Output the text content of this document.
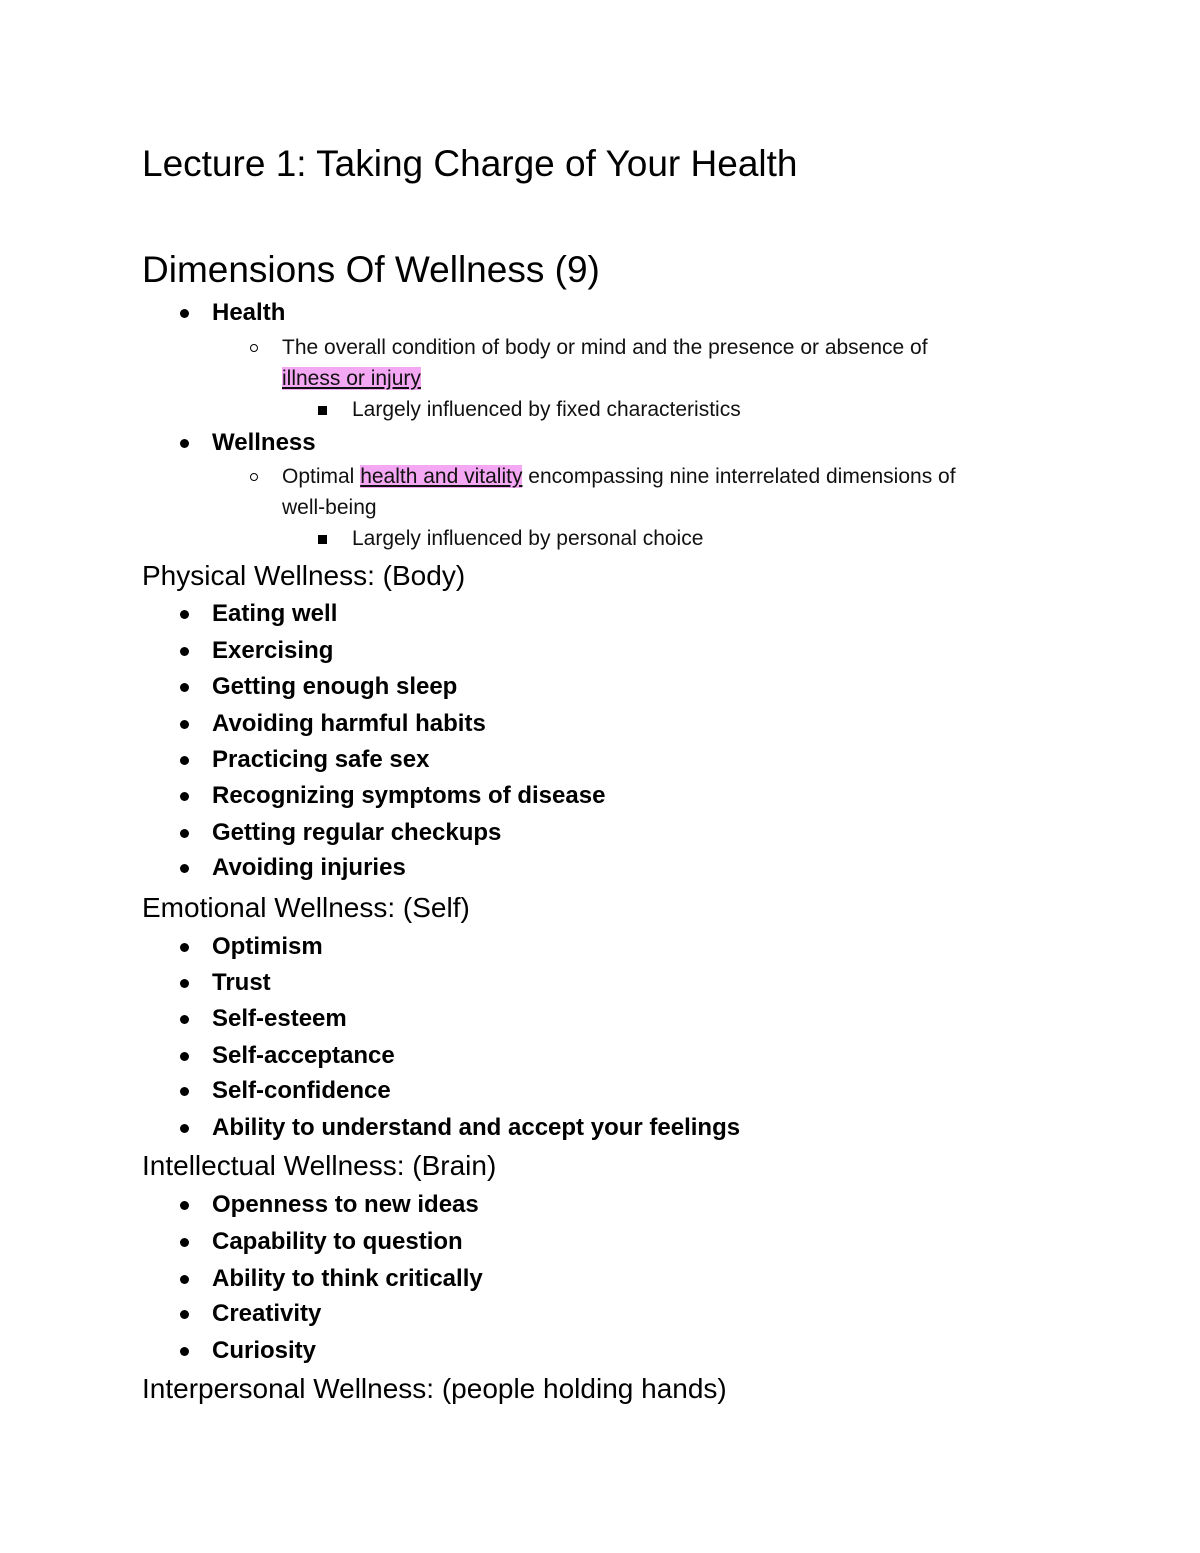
Lecture 1: Taking Charge of Your Health
Dimensions Of Wellness (9)
Health
The overall condition of body or mind and the presence or absence of
illness or injury
Largely influenced by fixed characteristics
Wellness
Optimal health and vitality encompassing nine interrelated dimensions of
well-being
Largely influenced by personal choice
Physical Wellness: (Body)
Eating well
Exercising
Getting enough sleep
Avoiding harmful habits
Practicing safe sex
Recognizing symptoms of disease
Getting regular checkups
Avoiding injuries
Emotional Wellness: (Self)
Optimism
Trust
Self-esteem
Self-acceptance
Self-confidence
Ability to understand and accept your feelings
Intellectual Wellness: (Brain)
Openness to new ideas
Capability to question
Ability to think critically
Creativity
Curiosity
Interpersonal Wellness: (people holding hands)
